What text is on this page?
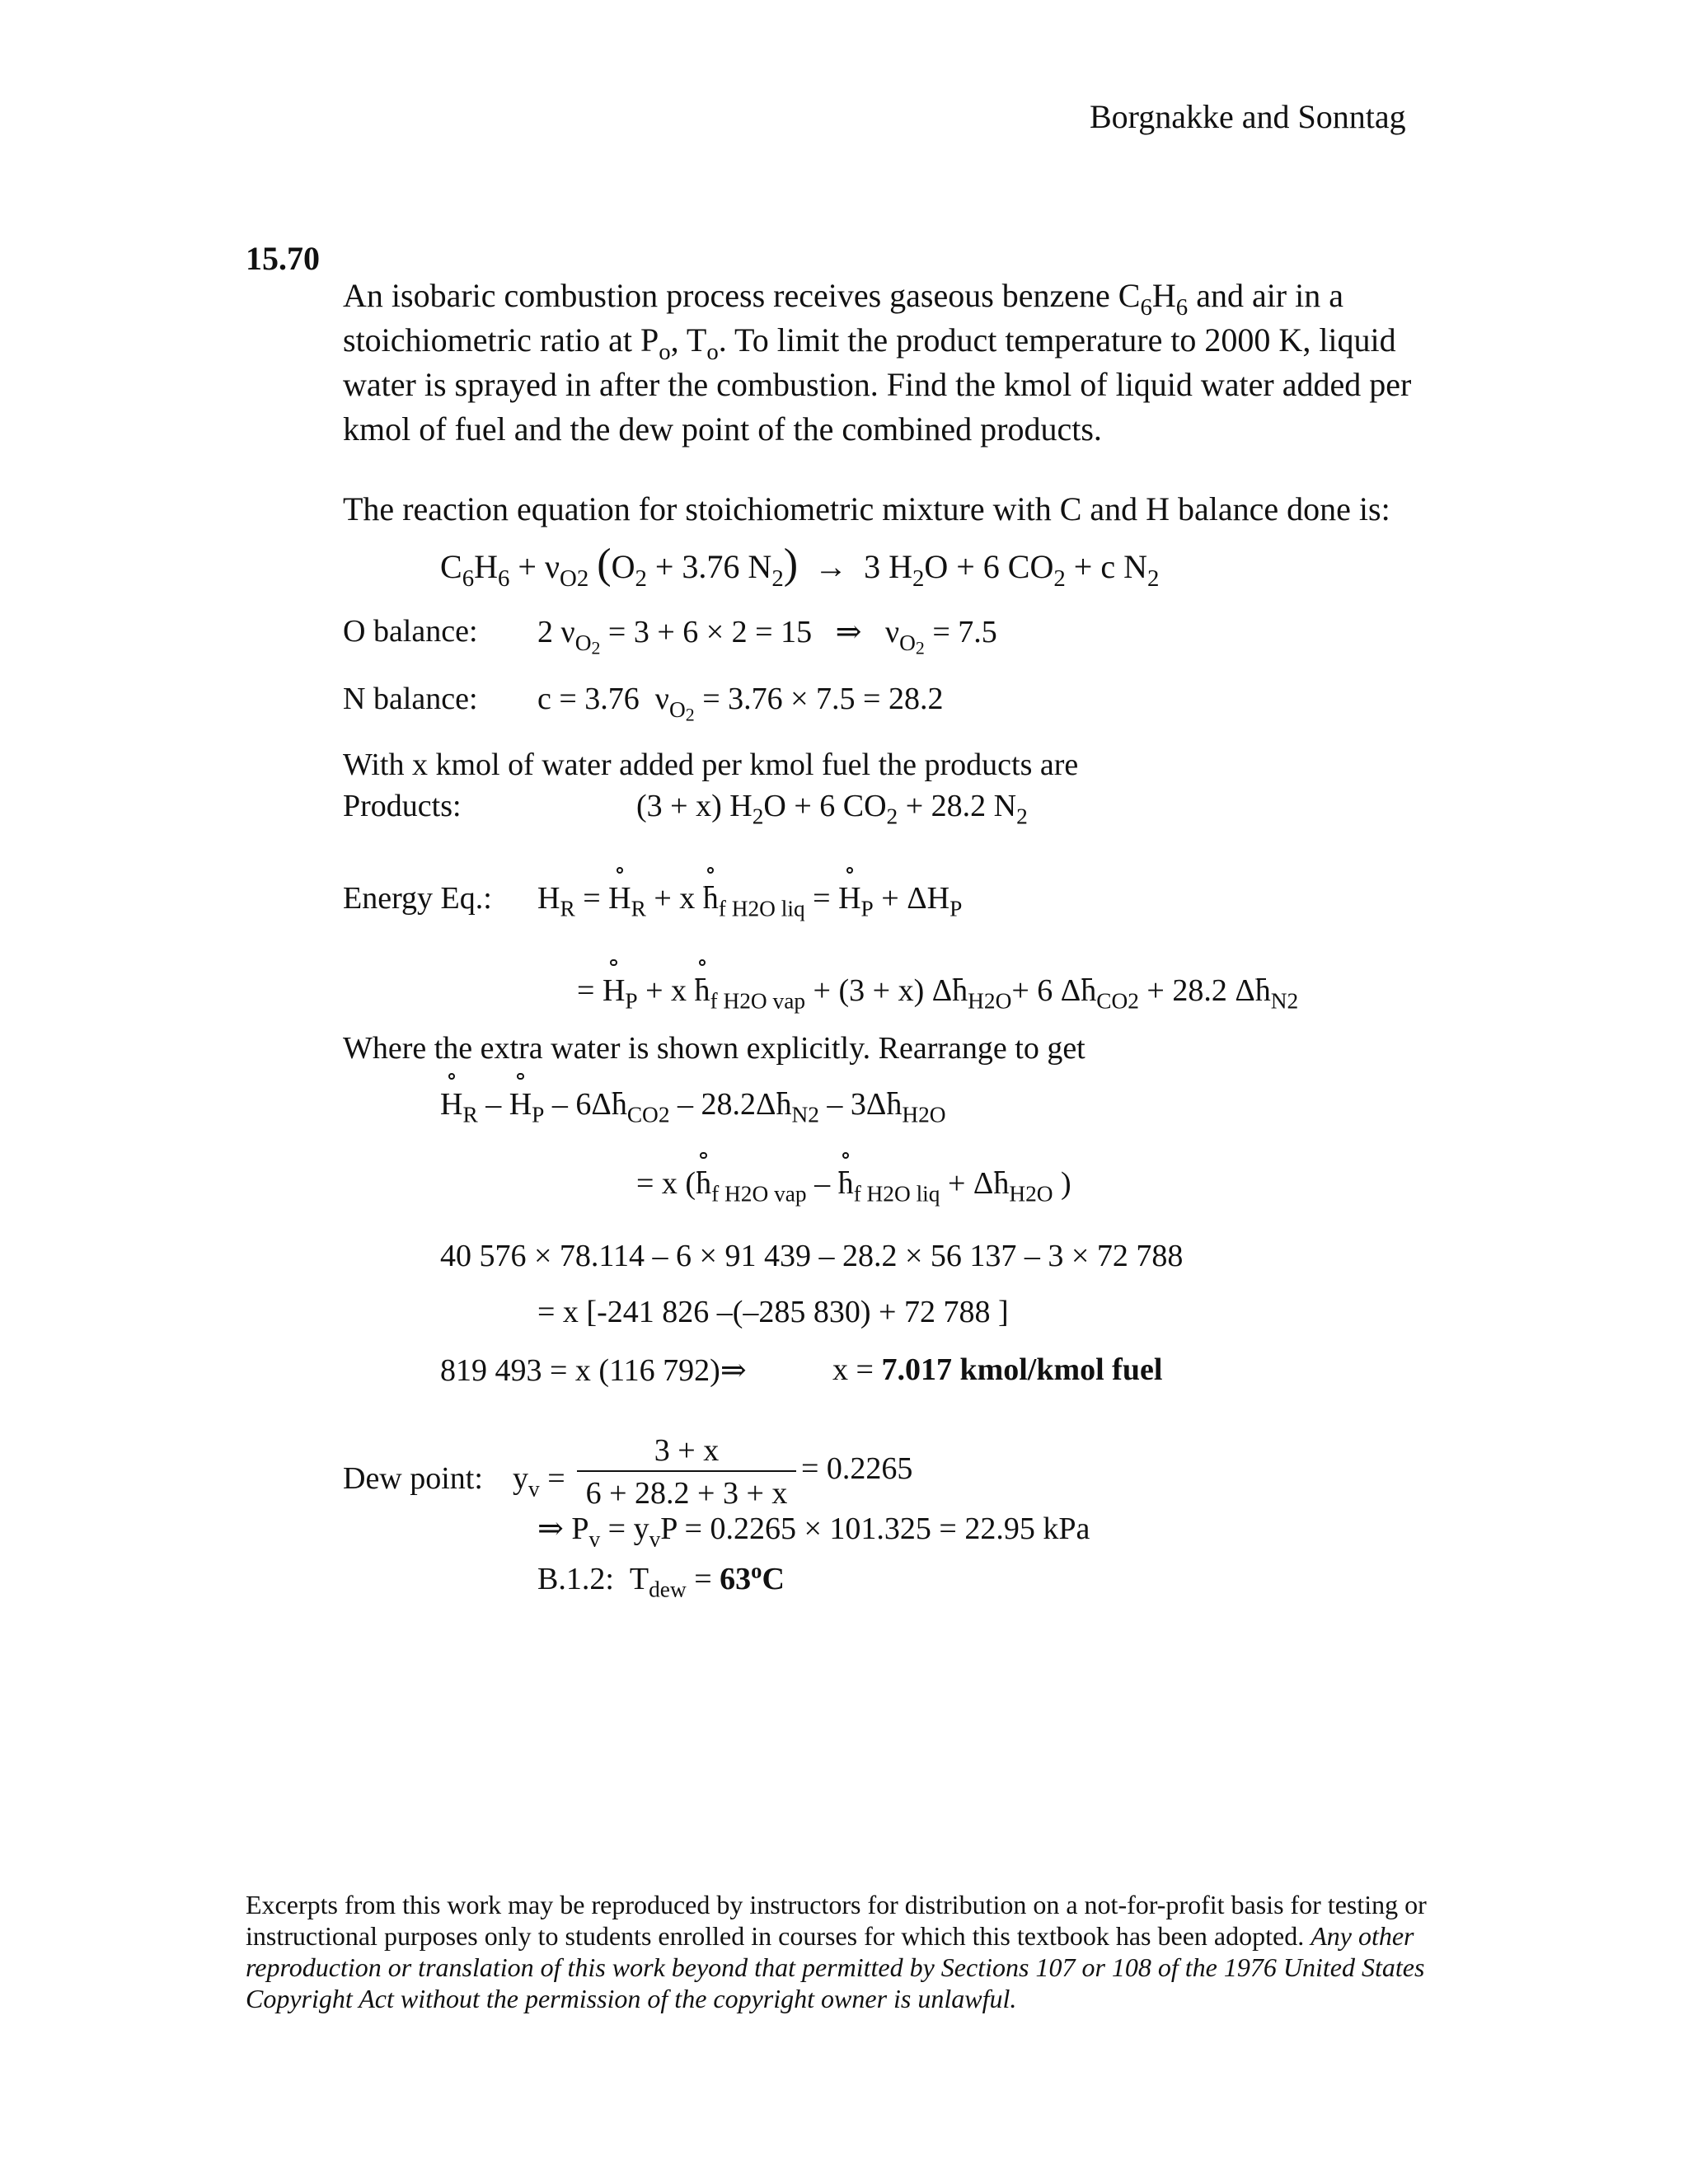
Borgnakke and Sonntag
15.70
An isobaric combustion process receives gaseous benzene $C_6H_6$ and air in a
stoichiometric ratio at $P_o$, $T_o$. To limit the product temperature to 2000 K, liquid
water is sprayed in after the combustion. Find the kmol of liquid water added per
kmol of fuel and the dew point of the combined products.
The reaction equation for stoichiometric mixture with C and H balance done is:
$C_6H_6 + \nu_{O2}$ ($O_2 + 3.76$ $N_2) \to 3$ $H_2O + 6$ $CO_2 + c$ $N_2$
O balance: 2 $\nu_{O_2} = 3 + 6 \times 2 = 15$   ⇒   $\nu_{O_2} = 7.5$
N balance: c = 3.76  $\nu_{O_2} = 3.76 \times 7.5 = 28.2$
With x kmol of water added per kmol fuel the products are
Products:	(3 + x) $H_2O + 6$ $CO_2 + 28.2$ $N_2$
Energy Eq.: $H_R = H_R + x$ $h_{f H2O liq} = H_P + \Delta H_P$
= $H_P + x$ $h_{f H2O vap} + (3 + x)$ $\Delta h_{H2O}+ 6$ $\Delta h_{CO2} + 28.2$ $\Delta h_{N2}$
Where the extra water is shown explicitly. Rearrange to get
$H_R - H_P - 6\Delta h_{CO2} - 28.2\Delta h_{N2} - 3\Delta h_{H2O}$
= x ($h_{f H2O vap} - h_{f H2O liq} + \Delta h_{H2O}$ )
40 576 × 78.114 – 6 × 91 439 – 28.2 × 56 137 – 3 × 72 788
= x [-241 826 –(–285 830) + 72 788 ]
819 493 = x (116 792)⇒	x = 7.017 kmol/kmol fuel
Dew point: $y_v$ =
3 + x
6 + 28.2 + 3 + x
= 0.2265
⇒ $P_v = y_vP = 0.2265 \times 101.325 = 22.95$ kPa
B.1.2:  $T_{dew} = 63^oC$
Excerpts from this work may be reproduced by instructors for distribution on a not-for-profit basis for testing or instructional purposes only to students enrolled in courses for which this textbook has been adopted. Any other reproduction or translation of this work beyond that permitted by Sections 107 or 108 of the 1976 United States Copyright Act without the permission of the copyright owner is unlawful.
